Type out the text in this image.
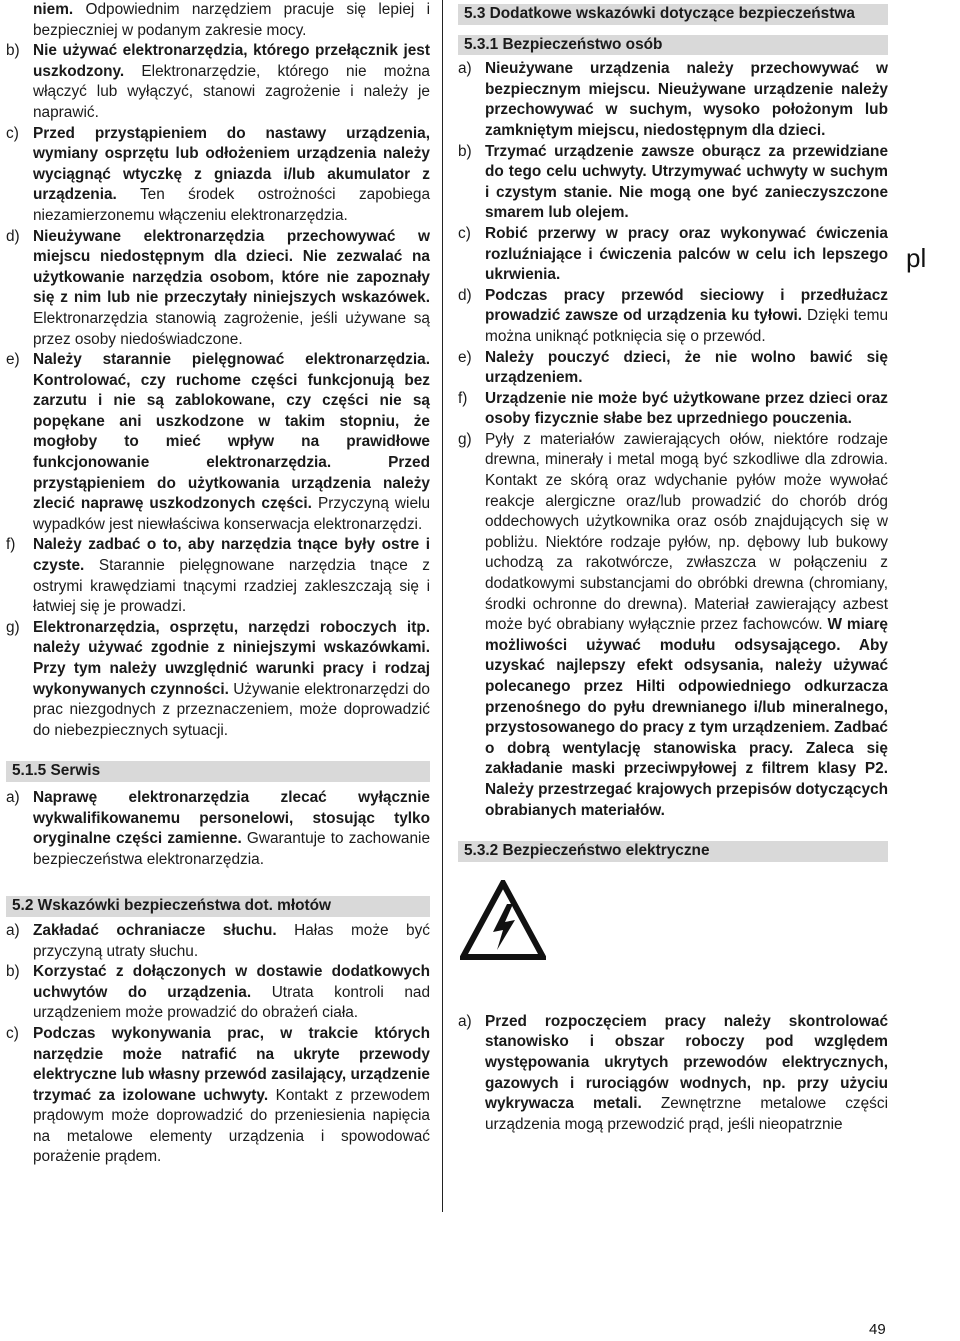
niem. Odpowiednim narzędziem pracuje się lepiej i bezpieczniej w podanym zakresie mocy.

b) Nie używać elektronarzędzia, którego przełącznik jest uszkodzony. Elektronarzędzie, którego nie można włączyć lub wyłączyć, stanowi zagrożenie i należy je naprawić.

c) Przed przystąpieniem do nastawy urządzenia, wymiany osprzętu lub odłożeniem urządzenia należy wyciągnąć wtyczkę z gniazda i/lub akumulator z urządzenia. Ten środek ostrożności zapobiega niezamierzonemu włączeniu elektronarzędzia.

d) Nieużywane elektronarzędzia przechowywać w miejscu niedostępnym dla dzieci. Nie zezwalać na użytkowanie narzędzia osobom, które nie zapoznały się z nim lub nie przeczytały niniejszych wskazówek. Elektronarzędzia stanowią zagrożenie, jeśli używane są przez osoby niedoświadczone.

e) Należy starannie pielęgnować elektronarzędzia. Kontrolować, czy ruchome części funkcjonują bez zarzutu i nie są zablokowane, czy części nie są popękane ani uszkodzone w takim stopniu, że mogłoby to mieć wpływ na prawidłowe funkcjonowanie elektronarzędzia. Przed przystąpieniem do użytkowania urządzenia należy zlecić naprawę uszkodzonych części. Przyczyną wielu wypadków jest niewłaściwa konserwacja elektronarzędzi.

f) Należy zadbać o to, aby narzędzia tnące były ostre i czyste. Starannie pielęgnowane narzędzia tnące z ostrymi krawędziami tnącymi rzadziej zakleszczają się i łatwiej się je prowadzi.

g) Elektronarzędzia, osprzętu, narzędzi roboczych itp. należy używać zgodnie z niniejszymi wskazówkami. Przy tym należy uwzględnić warunki pracy i rodzaj wykonywanych czynności. Używanie elektronarzędzi do prac niezgodnych z przeznaczeniem, może doprowadzić do niebezpiecznych sytuacji.

5.1.5 Serwis

a) Naprawę elektronarzędzia zlecać wyłącznie wykwalifikowanemu personelowi, stosując tylko oryginalne części zamienne. Gwarantuje to zachowanie bezpieczeństwa elektronarzędzia.

5.2 Wskazówki bezpieczeństwa dot. młotów

a) Zakładać ochraniacze słuchu. Hałas może być przyczyną utraty słuchu.

b) Korzystać z dołączonych w dostawie dodatkowych uchwytów do urządzenia. Utrata kontroli nad urządzeniem może prowadzić do obrażeń ciała.

c) Podczas wykonywania prac, w trakcie których narzędzie może natrafić na ukryte przewody elektryczne lub własny przewód zasilający, urządzenie trzymać za izolowane uchwyty. Kontakt z przewodem prądowym może doprowadzić do przeniesienia napięcia na metalowe elementy urządzenia i spowodować porażenie prądem.

5.3 Dodatkowe wskazówki dotyczące bezpieczeństwa

5.3.1 Bezpieczeństwo osób

a) Nieużywane urządzenia należy przechowywać w bezpiecznym miejscu. Nieużywane urządzenie należy przechowywać w suchym, wysoko położonym lub zamkniętym miejscu, niedostępnym dla dzieci.

b) Trzymać urządzenie zawsze oburącz za przewidziane do tego celu uchwyty. Utrzymywać uchwyty w suchym i czystym stanie. Nie mogą one być zanieczyszczone smarem lub olejem.

c) Robić przerwy w pracy oraz wykonywać ćwiczenia rozluźniające i ćwiczenia palców w celu ich lepszego ukrwienia.

d) Podczas pracy przewód sieciowy i przedłużacz prowadzić zawsze od urządzenia ku tyłowi. Dzięki temu można uniknąć potknięcia się o przewód.

e) Należy pouczyć dzieci, że nie wolno bawić się urządzeniem.

f) Urządzenie nie może być użytkowane przez dzieci oraz osoby fizycznie słabe bez uprzedniego pouczenia.

g) Pyły z materiałów zawierających ołów, niektóre rodzaje drewna, minerały i metal mogą być szkodliwe dla zdrowia. Kontakt ze skórą oraz wdychanie pyłów może wywołać reakcje alergiczne oraz/lub prowadzić do chorób dróg oddechowych użytkownika oraz osób znajdujących się w pobliżu. Niektóre rodzaje pyłów, np. dębowy lub bukowy uchodzą za rakotwórcze, zwłaszcza w połączeniu z dodatkowymi substancjami do obróbki drewna (chromiany, środki ochronne do drewna). Materiał zawierający azbest może być obrabiany wyłącznie przez fachowców. W miarę możliwości używać modułu odsysającego. Aby uzyskać najlepszy efekt odsysania, należy używać polecanego przez Hilti odpowiedniego odkurzacza przenośnego do pyłu drewnianego i/lub mineralnego, przystosowanego do pracy z tym urządzeniem. Zadbać o dobrą wentylację stanowiska pracy. Zaleca się zakładanie maski przeciwpyłowej z filtrem klasy P2. Należy przestrzegać krajowych przepisów dotyczących obrabianych materiałów.

5.3.2 Bezpieczeństwo elektryczne

a) Przed rozpoczęciem pracy należy skontrolować stanowisko i obszar roboczy pod względem występowania ukrytych przewodów elektrycznych, gazowych i rurociągów wodnych, np. przy użyciu wykrywacza metali. Zewnętrzne metalowe części urządzenia mogą przewodzić prąd, jeśli nieopatrznie

pl
49
